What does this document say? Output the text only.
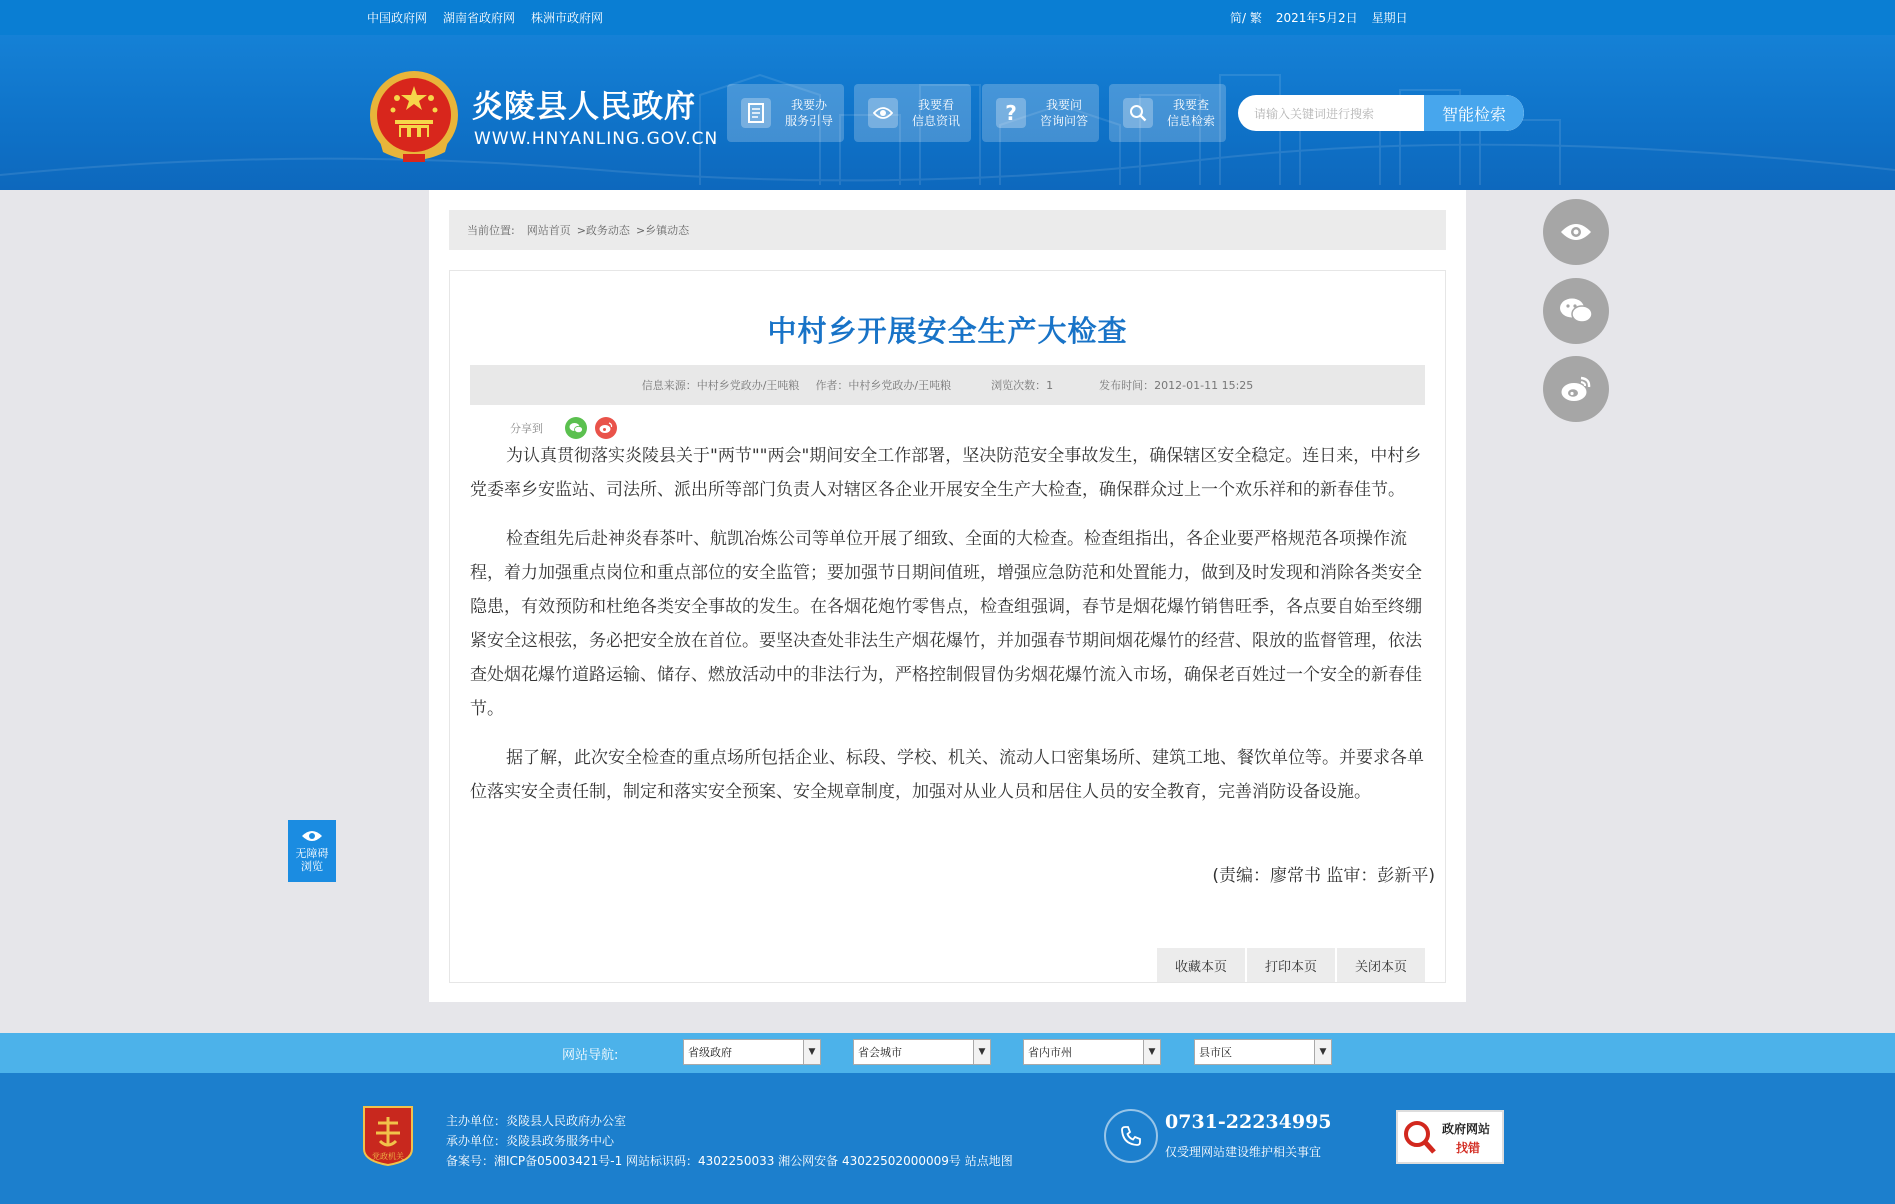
中国政府网 湖南省政府网 株洲市政府网	简/ 繁 2021年5月2日 星期日
炎陵县人民政府
WWW.HNYANLING.GOV.CN
我要办
服务引导
我要看
信息资讯 ?	我要问
咨询问答
我要查
信息检索
请输入关键词进行搜索	智能检索
当前位置: 网站首页 >政务动态 >乡镇动态
中村乡开展安全生产大检查
信息来源：中村乡党政办/王吨粮 作者：中村乡党政办/王吨粮	浏览次数：1	发布时间：2012-01-11 15:25
分享到

为认真贯彻落实炎陵县关于"两节""两会"期间安全工作部署，坚决防范安全事故发生，确保辖区安全稳定。连日来，中村乡党委率乡安监站、司法所、派出所等部门负责人对辖区各企业开展安全生产大检查，确保群众过上一个欢乐祥和的新春佳节。

检查组先后赴神炎春茶叶、航凯冶炼公司等单位开展了细致、全面的大检查。检查组指出，各企业要严格规范各项操作流程，着力加强重点岗位和重点部位的安全监管；要加强节日期间值班，增强应急防范和处置能力，做到及时发现和消除各类安全隐患，有效预防和杜绝各类安全事故的发生。在各烟花炮竹零售点，检查组强调，春节是烟花爆竹销售旺季，各点要自始至终绷紧安全这根弦，务必把安全放在首位。要坚决查处非法生产烟花爆竹，并加强春节期间烟花爆竹的经营、限放的监督管理，依法查处烟花爆竹道路运输、储存、燃放活动中的非法行为，严格控制假冒伪劣烟花爆竹流入市场，确保老百姓过一个安全的新春佳节。

据了解，此次安全检查的重点场所包括企业、标段、学校、机关、流动人口密集场所、建筑工地、餐饮单位等。并要求各单位落实安全责任制，制定和落实安全预案、安全规章制度，加强对从业人员和居住人员的安全教育，完善消防设备设施。

(责编：廖常书 监审：彭新平)
收藏本页	打印本页	关闭本页
无障碍
浏览
网站导航:	省级政府	▼	省会城市	▼	省内市州	▼	县市区	▼
党政机关
主办单位：炎陵县人民政府办公室
承办单位：炎陵县政务服务中心
备案号：湘ICP备05003421号-1 网站标识码：4302250033 湘公网安备 43022502000009号 站点地图
0731-22234995
仅受理网站建设维护相关事宜
政府网站
找错
